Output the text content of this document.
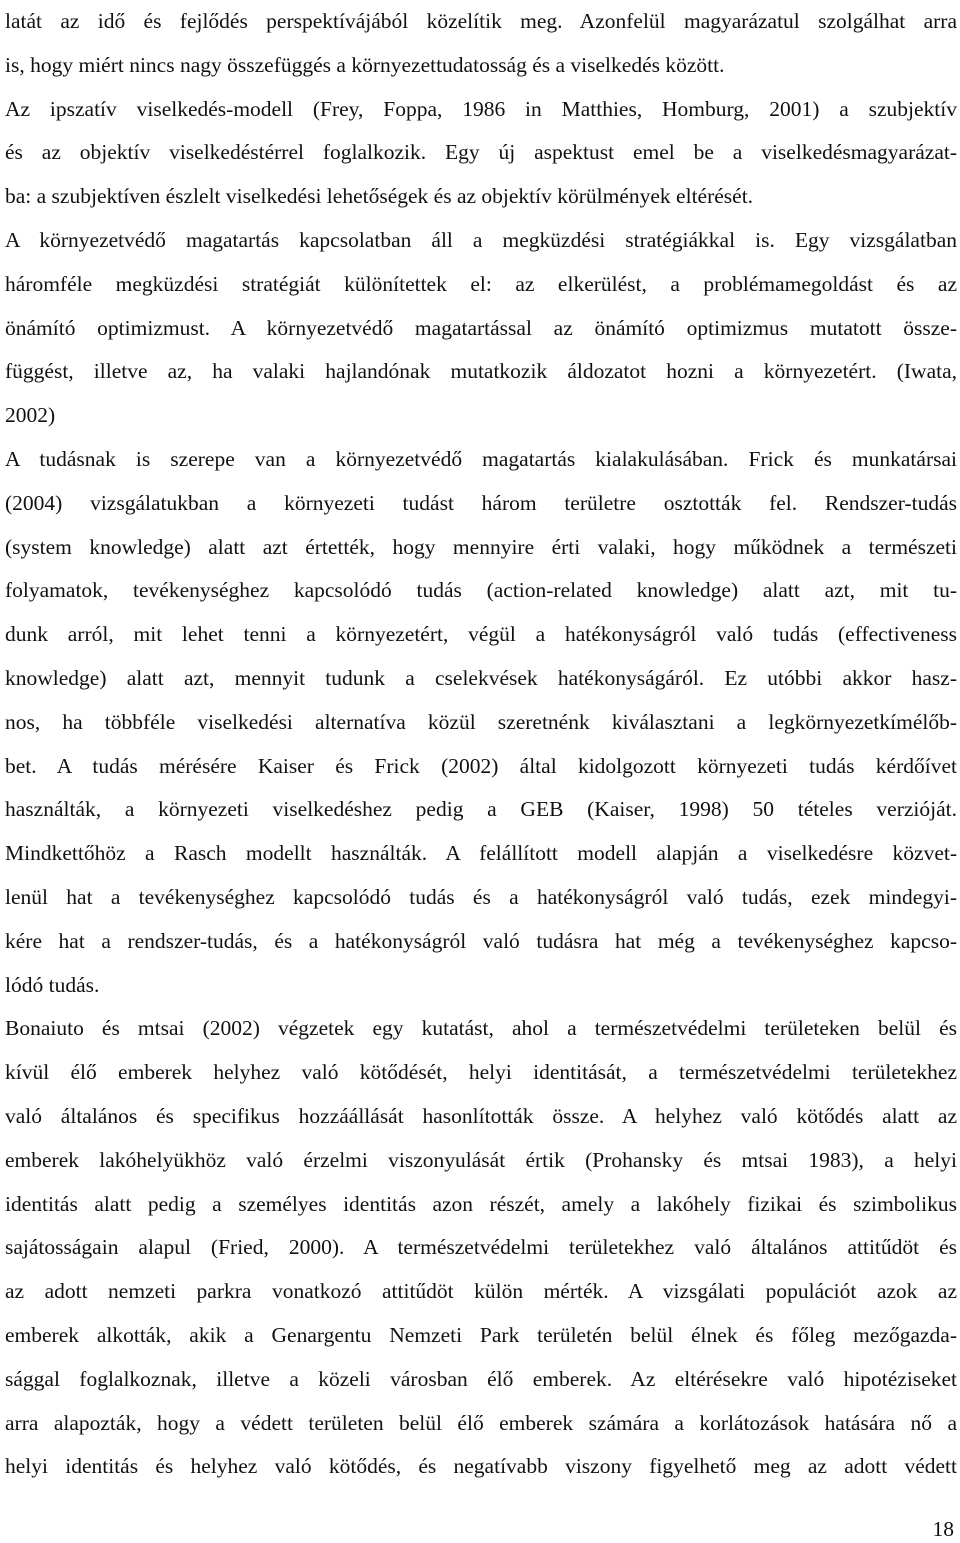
latát az idő és fejlődés perspektívájából közelítik meg. Azonfelül magyarázatul szolgálhat arra
is, hogy miért nincs nagy összefüggés a környezettudatosság és a viselkedés között.
Az ipszatív viselkedés-modell (Frey, Foppa, 1986 in Matthies, Homburg, 2001) a szubjektív
és az objektív viselkedéstérrel foglalkozik. Egy új aspektust emel be a viselkedésmagyarázat-
ba: a szubjektíven észlelt viselkedési lehetőségek és az objektív körülmények eltérését.
A környezetvédő magatartás kapcsolatban áll a megküzdési stratégiákkal is. Egy vizsgálatban
háromféle megküzdési stratégiát különítettek el: az elkerülést, a problémamegoldást és az
önámító optimizmust. A környezetvédő magatartással az önámító optimizmus mutatott össze-
függést, illetve az, ha valaki hajlandónak mutatkozik áldozatot hozni a környezetért. (Iwata,
2002)
A tudásnak is szerepe van a környezetvédő magatartás kialakulásában. Frick és munkatársai
(2004) vizsgálatukban a környezeti tudást három területre osztották fel. Rendszer-tudás
(system knowledge) alatt azt értették, hogy mennyire érti valaki, hogy működnek a természeti
folyamatok, tevékenységhez kapcsolódó tudás (action-related knowledge) alatt azt, mit tu-
dunk arról, mit lehet tenni a környezetért, végül a hatékonyságról való tudás (effectiveness
knowledge) alatt azt, mennyit tudunk a cselekvések hatékonyságáról. Ez utóbbi akkor hasz-
nos, ha többféle viselkedési alternatíva közül szeretnénk kiválasztani a legkörnyezetkímélőb-
bet. A tudás mérésére Kaiser és Frick (2002) által kidolgozott környezeti tudás kérdőívet
használták, a környezeti viselkedéshez pedig a GEB (Kaiser, 1998) 50 tételes verzióját.
Mindkettőhöz a Rasch modellt használták. A felállított modell alapján a viselkedésre közvet-
lenül hat a tevékenységhez kapcsolódó tudás és a hatékonyságról való tudás, ezek mindegyi-
kére hat a rendszer-tudás, és a hatékonyságról való tudásra hat még a tevékenységhez kapcso-
lódó tudás.
Bonaiuto és mtsai (2002) végzetek egy kutatást, ahol a természetvédelmi területeken belül és
kívül élő emberek helyhez való kötődését, helyi identitását, a természetvédelmi területekhez
való általános és specifikus hozzáállását hasonlították össze. A helyhez való kötődés alatt az
emberek lakóhelyükhöz való érzelmi viszonyulását értik (Prohansky és mtsai 1983), a helyi
identitás alatt pedig a személyes identitás azon részét, amely a lakóhely fizikai és szimbolikus
sajátosságain alapul (Fried, 2000). A természetvédelmi területekhez való általános attitűdöt és
az adott nemzeti parkra vonatkozó attitűdöt külön mérték. A vizsgálati populációt azok az
emberek alkották, akik a Genargentu Nemzeti Park területén belül élnek és főleg mezőgazda-
sággal foglalkoznak, illetve a közeli városban élő emberek. Az eltérésekre való hipotéziseket
arra alapozták, hogy a védett területen belül élő emberek számára a korlátozások hatására nő a
helyi identitás és helyhez való kötődés, és negatívabb viszony figyelhető meg az adott védett
18
